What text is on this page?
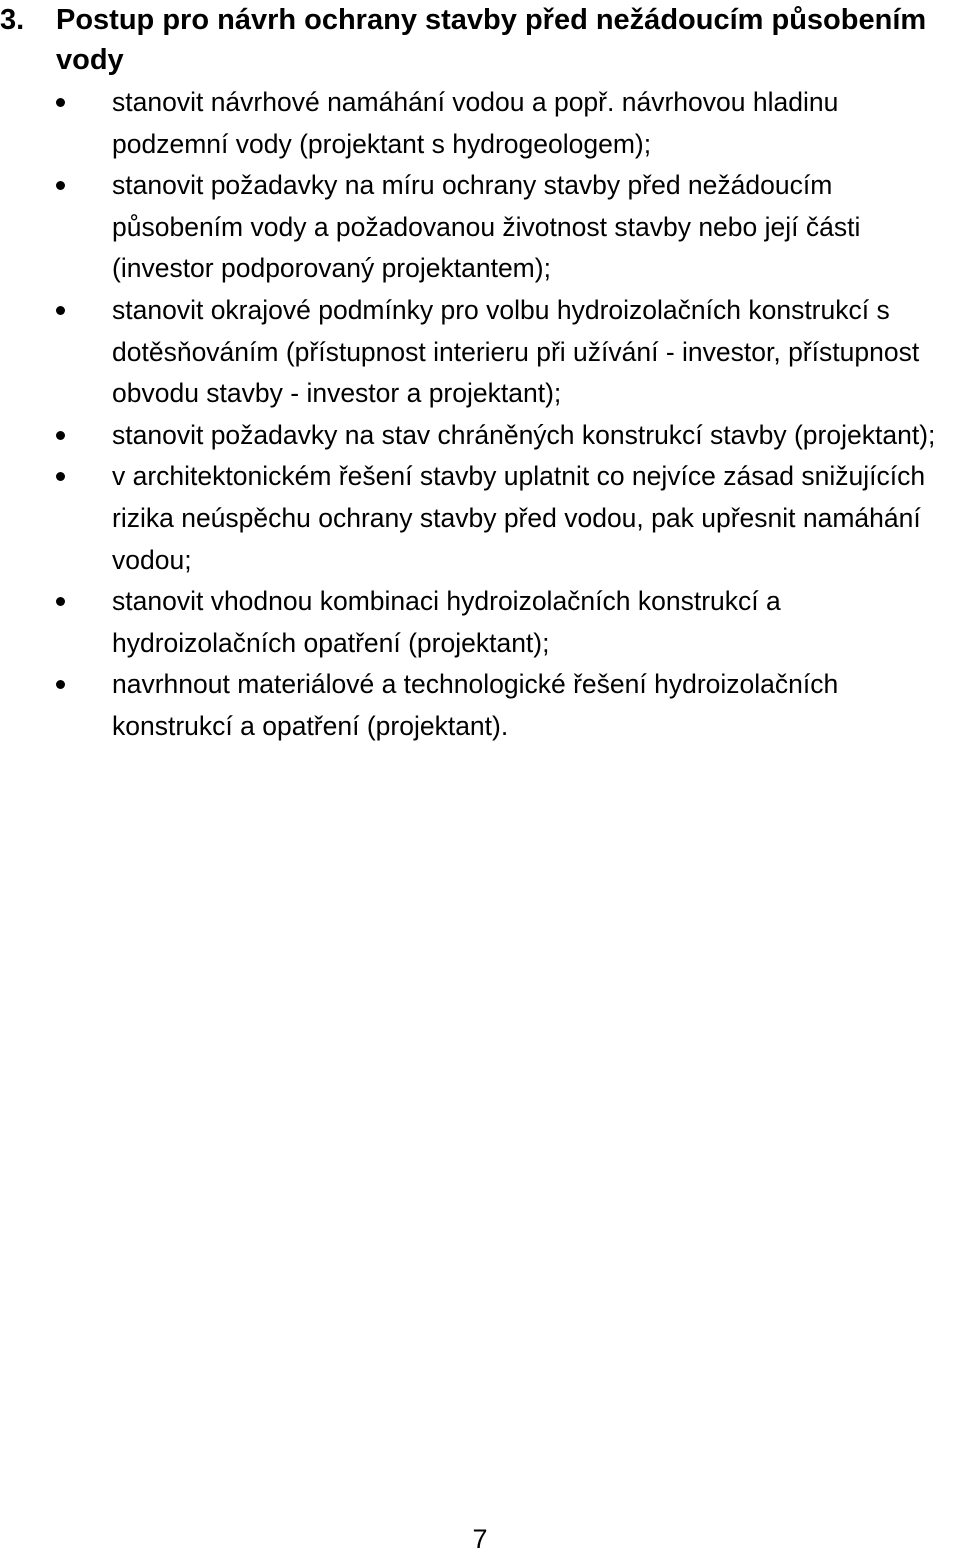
3.	Postup pro návrh ochrany stavby před nežádoucím působením vody
stanovit návrhové namáhání vodou a popř. návrhovou hladinu podzemní vody (projektant s hydrogeologem);
stanovit požadavky na míru ochrany stavby před nežádoucím působením vody a požadovanou životnost stavby nebo její části (investor podporovaný projektantem);
stanovit okrajové podmínky pro volbu hydroizolačních konstrukcí s dotěsňováním (přístupnost interieru při užívání - investor, přístupnost obvodu stavby - investor a projektant);
stanovit požadavky na stav chráněných konstrukcí stavby (projektant);
v architektonickém řešení stavby uplatnit co nejvíce zásad snižujících rizika neúspěchu ochrany stavby před vodou, pak upřesnit namáhání vodou;
stanovit vhodnou kombinaci hydroizolačních konstrukcí a hydroizolačních opatření (projektant);
navrhnout materiálové a technologické řešení hydroizolačních konstrukcí a opatření (projektant).
7
